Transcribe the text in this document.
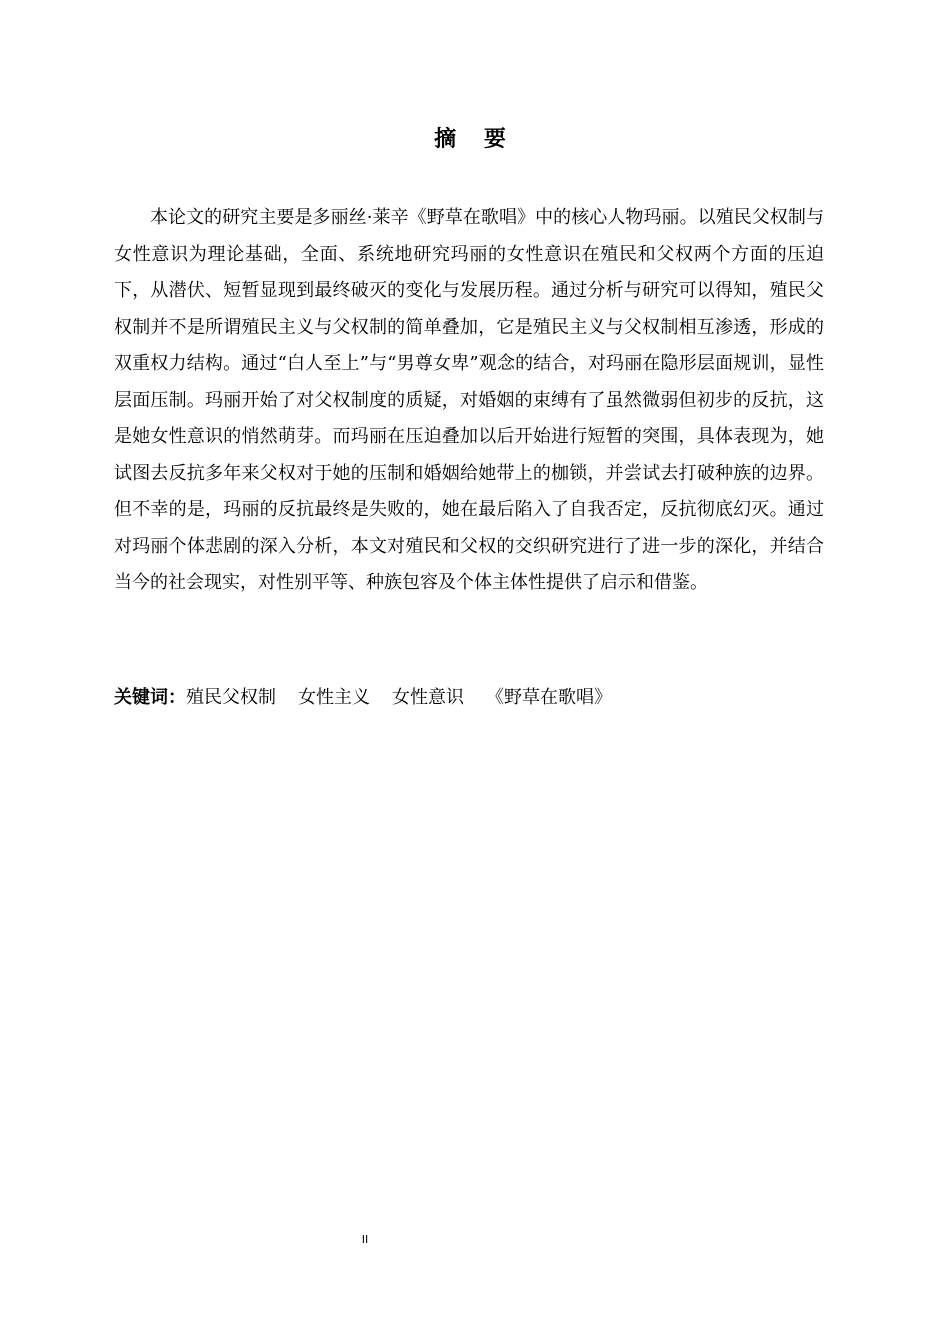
摘 要

本论文的研究主要是多丽丝·莱辛《野草在歌唱》中的核心人物玛丽。以殖民父权制与女性意识为理论基础，全面、系统地研究玛丽的女性意识在殖民和父权两个方面的压迫下，从潜伏、短暂显现到最终破灭的变化与发展历程。通过分析与研究可以得知，殖民父权制并不是所谓殖民主义与父权制的简单叠加，它是殖民主义与父权制相互渗透，形成的双重权力结构。通过“白人至上”与“男尊女卑”观念的结合，对玛丽在隐形层面规训，显性层面压制。玛丽开始了对父权制度的质疑，对婚姻的束缚有了虽然微弱但初步的反抗，这是她女性意识的悄然萌芽。而玛丽在压迫叠加以后开始进行短暂的突围，具体表现为，她试图去反抗多年来父权对于她的压制和婚姻给她带上的枷锁，并尝试去打破种族的边界。但不幸的是，玛丽的反抗最终是失败的，她在最后陷入了自我否定，反抗彻底幻灭。通过对玛丽个体悲剧的深入分析，本文对殖民和父权的交织研究进行了进一步的深化，并结合当今的社会现实，对性别平等、种族包容及个体主体性提供了启示和借鉴。

关键词：殖民父权制 女性主义 女性意识 《野草在歌唱》

II
